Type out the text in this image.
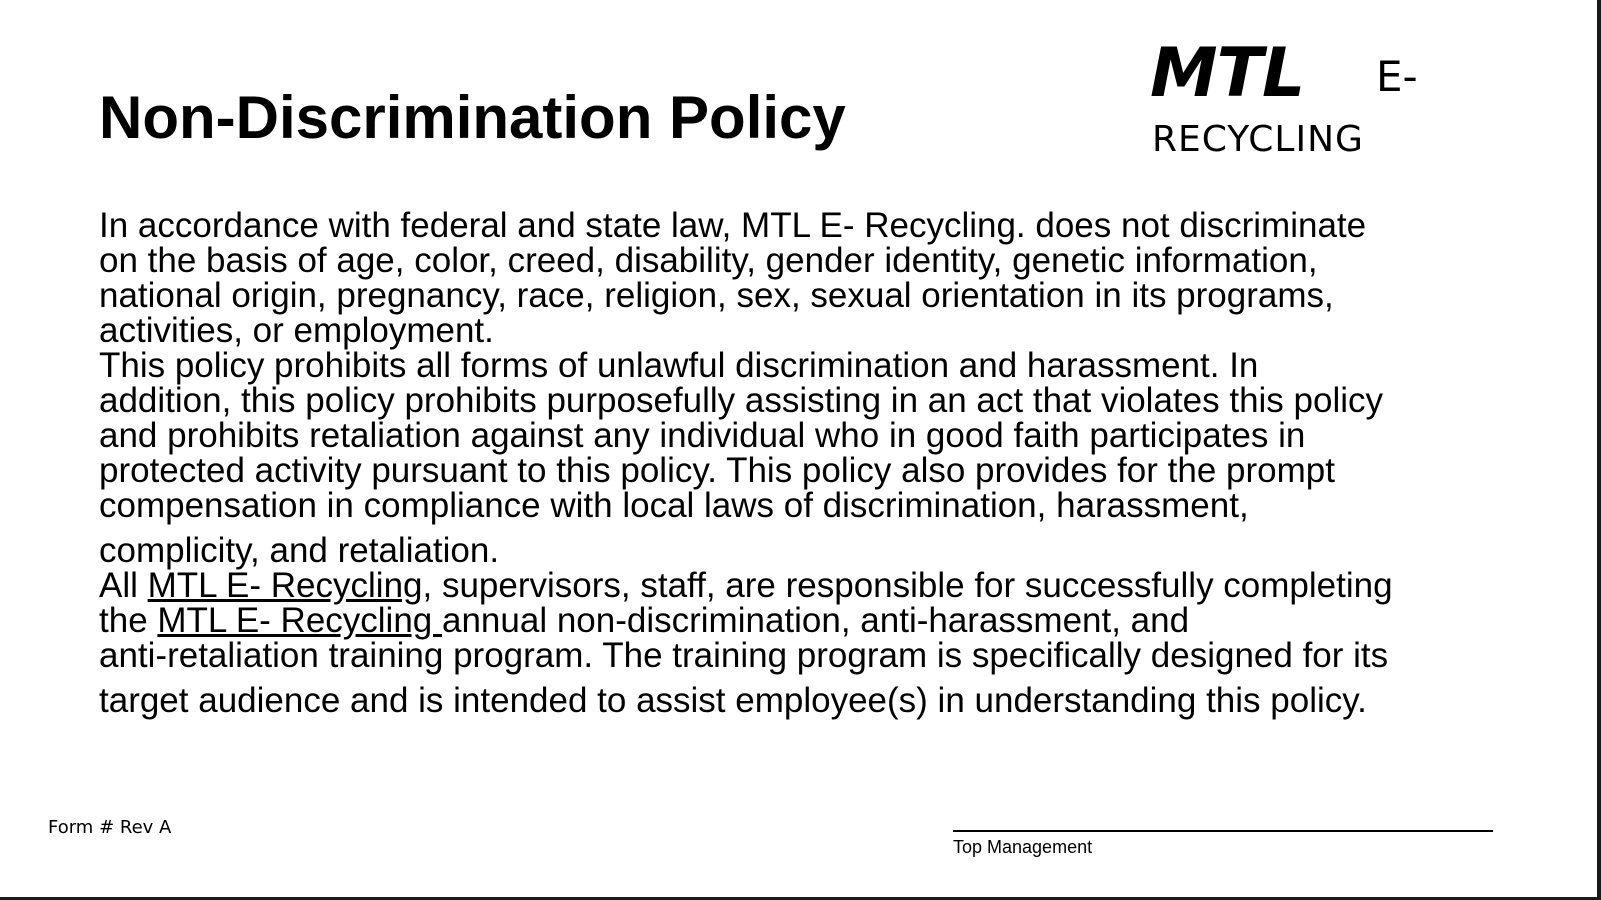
Non-Discrimination Policy
MTL E-
RECYCLING

In accordance with federal and state law, MTL E- Recycling. does not discriminate
on the basis of age, color, creed, disability, gender identity, genetic information,
national origin, pregnancy, race, religion, sex, sexual orientation in its programs,
activities, or employment.

This policy prohibits all forms of unlawful discrimination and harassment. In
addition, this policy prohibits purposefully assisting in an act that violates this policy
and prohibits retaliation against any individual who in good faith participates in
protected activity pursuant to this policy. This policy also provides for the prompt
compensation in compliance with local laws of discrimination, harassment,
complicity, and retaliation.

All MTL E- Recycling, supervisors, staff, are responsible for successfully completing
the MTL E- Recycling annual non-discrimination, anti-harassment, and
anti-retaliation training program. The training program is specifically designed for its
target audience and is intended to assist employee(s) in understanding this policy.

Form # Rev A
Top Management
